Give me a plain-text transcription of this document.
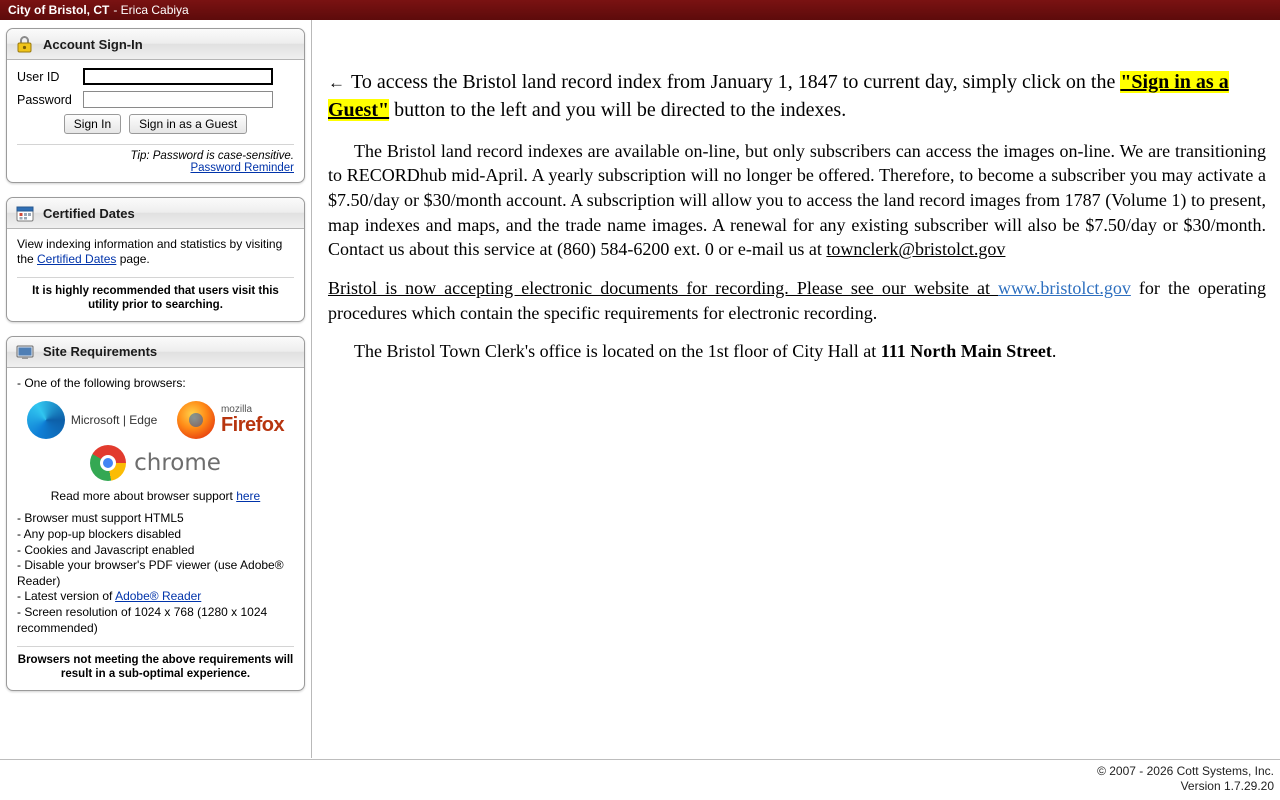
City of Bristol, CT - Erica Cabiya
Account Sign-In
User ID
Password
Sign In	Sign in as a Guest
Tip: Password is case-sensitive.
Password Reminder
Certified Dates
View indexing information and statistics by visiting the Certified Dates page.
It is highly recommended that users visit this utility prior to searching.
Site Requirements
- One of the following browsers:
Microsoft | Edge
mozilla
Firefox
chrome
Read more about browser support here
- Browser must support HTML5
- Any pop-up blockers disabled
- Cookies and Javascript enabled
- Disable your browser's PDF viewer (use Adobe® Reader)
- Latest version of Adobe® Reader
- Screen resolution of 1024 x 768 (1280 x 1024 recommended)
Browsers not meeting the above requirements will result in a sub-optimal experience.
← To access the Bristol land record index from January 1, 1847 to current day, simply click on the "Sign in as a Guest" button to the left and you will be directed to the indexes.

The Bristol land record indexes are available on-line, but only subscribers can access the images on-line. We are transitioning to RECORDhub mid-April. A yearly subscription will no longer be offered. Therefore, to become a subscriber you may activate a $7.50/day or $30/month account. A subscription will allow you to access the land record images from 1787 (Volume 1) to present, map indexes and maps, and the trade name images. A renewal for any existing subscriber will also be $7.50/day or $30/month. Contact us about this service at (860) 584-6200 ext. 0 or e-mail us at townclerk@bristolct.gov

Bristol is now accepting electronic documents for recording. Please see our website at www.bristolct.gov for the operating procedures which contain the specific requirements for electronic recording.

The Bristol Town Clerk's office is located on the 1st floor of City Hall at 111 North Main Street.

© 2007 - 2026 Cott Systems, Inc.
Version 1.7.29.20
